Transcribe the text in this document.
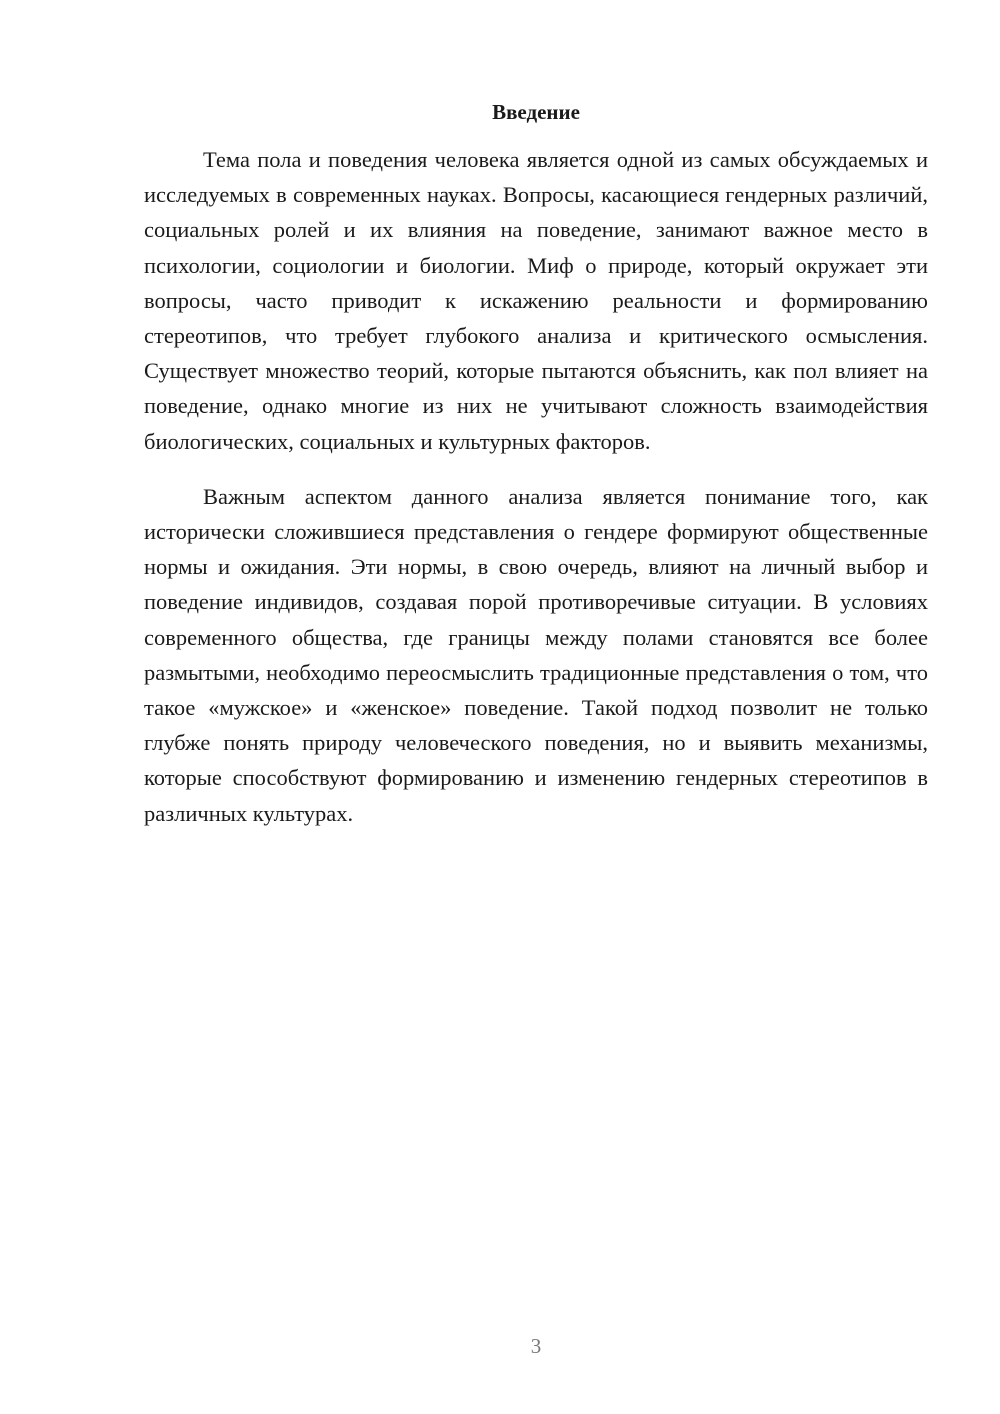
Введение

Тема пола и поведения человека является одной из самых обсуждаемых и исследуемых в современных науках. Вопросы, касающиеся гендерных различий, социальных ролей и их влияния на поведение, занимают важное место в психологии, социологии и биологии. Миф о природе, который окружает эти вопросы, часто приводит к искажению реальности и формированию стереотипов, что требует глубокого анализа и критического осмысления. Существует множество теорий, которые пытаются объяснить, как пол влияет на поведение, однако многие из них не учитывают сложность взаимодействия биологических, социальных и культурных факторов.

Важным аспектом данного анализа является понимание того, как исторически сложившиеся представления о гендере формируют общественные нормы и ожидания. Эти нормы, в свою очередь, влияют на личный выбор и поведение индивидов, создавая порой противоречивые ситуации. В условиях современного общества, где границы между полами становятся все более размытыми, необходимо переосмыслить традиционные представления о том, что такое «мужское» и «женское» поведение. Такой подход позволит не только глубже понять природу человеческого поведения, но и выявить механизмы, которые способствуют формированию и изменению гендерных стереотипов в различных культурах.

3
